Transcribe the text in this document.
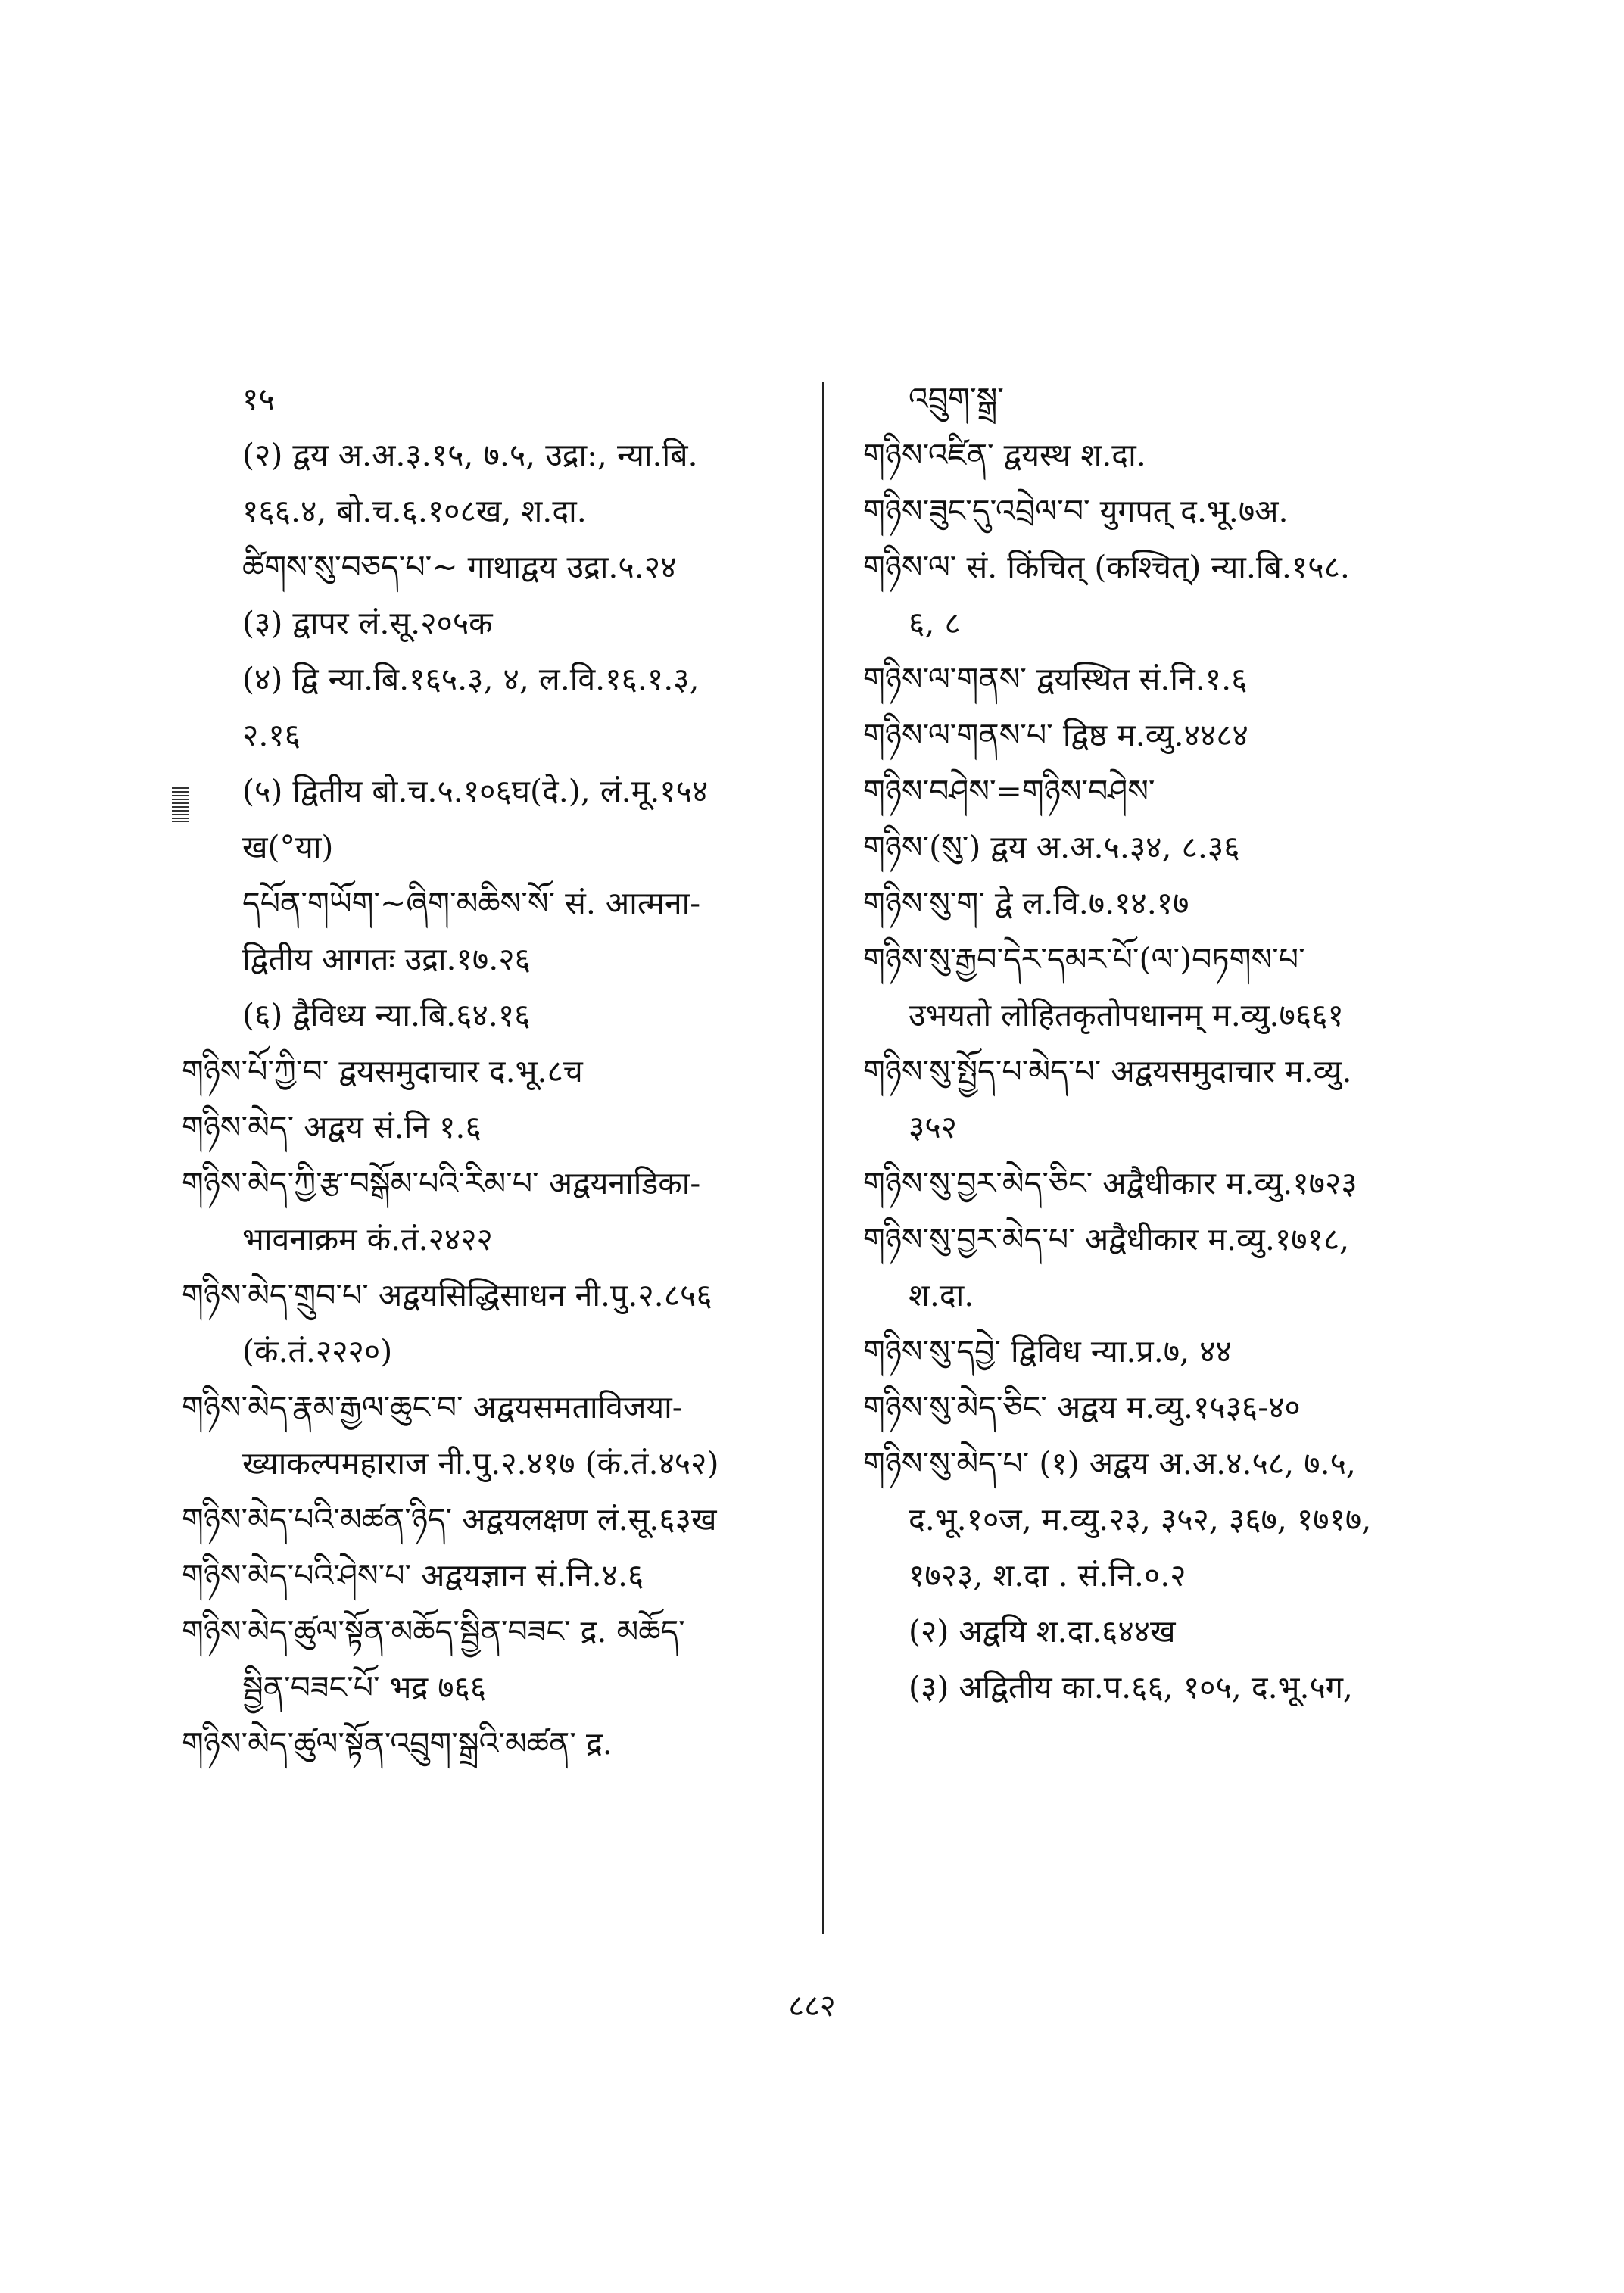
१५
(२) द्वय अ.अ.३.१५, ७.५, उद्रा:, न्या.बि.
१६६.४, बो.च.६.१०८ख, श.दा.
ཚིགས་སུ་བཅད་པ་~ गाथाद्वय उद्रा.५.२४
(३) द्वापर लं.सू.२०५क
(४) द्वि न्या.बि.१६५.३, ४, ल.वि.१६.१.३,
२.१६
(५) द्वितीय बो.च.५.१०६घ(दे.), लं.मू.१५४
ख(°या)
དཔོན་གཡོག་~ཞིག་མཆིས་སོ་ सं. आत्मना-
द्वितीय आगतः उद्रा.१७.२६
(६) द्वैविध्य न्या.बि.६४.१६
གཉིས་པོ་ཀྱི་བ་ द्वयसमुदाचार द.भू.८च
གཉིས་མེད་ अद्वय सं.नि १.६
གཉིས་མེད་ཀྱི་རྩ་བསྒོམ་པའི་རིམ་པ་ अद्वयनाडिका-
भावनाक्रम कं.तं.२४२२
གཉིས་མེད་གྲུབ་པ་ अद्वयसिद्धिसाधन नी.पु.२.८५६
(कं.तं.२२२०)
གཉིས་མེད་རྣམ་རྒྱལ་ཆུང་བ་ अद्वयसमताविजया-
ख्याकल्पमहाराज नी.पु.२.४१७ (कं.तं.४५२)
གཉིས་མེད་པའི་མཚན་ཉིད་ अद्वयलक्षण लं.सू.६३ख
གཉིས་མེད་པའི་ཤེས་པ་ अद्वयज्ञान सं.नि.४.६
གཉིས་མེད་ཚུལ་སྟོན་མཆོད་སྦྱིན་བཟང་ द्र. མཆོད་
སྦྱིན་བཟང་པོ་ भद्र ७६६
གཉིས་མེད་ཚུལ་སྟོན་འབྲུག་སྒྲའི་མཚན་ द्र.
འབྲུག་སྒྲ་
གཉིས་འཛིན་ द्वयस्थ श.दा.
གཉིས་ཟུང་དུ་འབྲེལ་བ་ युगपत् द.भू.७अ.
གཉིས་ལ་ सं. किंचित् (कश्चित्) न्या.बि.१५८.
६, ८
གཉིས་ལ་གནས་ द्वयस्थित सं.नि.१.६
གཉིས་ལ་གནས་པ་ द्विष्ठ म.व्यु.४४८४
གཉིས་བཤེས་=གཉིས་བཤེས་
གཉིས་(སུ་) द्वय अ.अ.५.३४, ८.३६
གཉིས་སུ་ག་ द्वे ल.वि.७.१४.१७
གཉིས་སུ་རྒྱབ་དེར་དམར་པོ་(ལ་)བཏགས་པ་
उभयतो लोहितकृतोपधानम् म.व्यु.७६६१
གཉིས་སུ་སྤྱོད་པ་མེད་པ་ अद्वयसमुदाचार म.व्यु.
३५२
གཉིས་སུ་བྱར་མེད་ཅིང་ अद्वैधीकार म.व्यु.१७२३
གཉིས་སུ་བྱར་མེད་པ་ अद्वैधीकार म.व्यु.१७१८,
श.दा.
གཉིས་སུ་དབྱེ་ द्विविध न्या.प्र.७, ४४
གཉིས་སུ་མེད་ཅིང་ अद्वय म.व्यु.१५३६-४०
གཉིས་སུ་མེད་པ་ (१) अद्वय अ.अ.४.५८, ७.५,
द.भू.१०ज, म.व्यु.२३, ३५२, ३६७, १७१७,
१७२३, श.दा . सं.नि.०.२
(२) अद्वयि श.दा.६४४ख
(३) अद्वितीय का.प.६६, १०५, द.भू.५ग,
८८२
